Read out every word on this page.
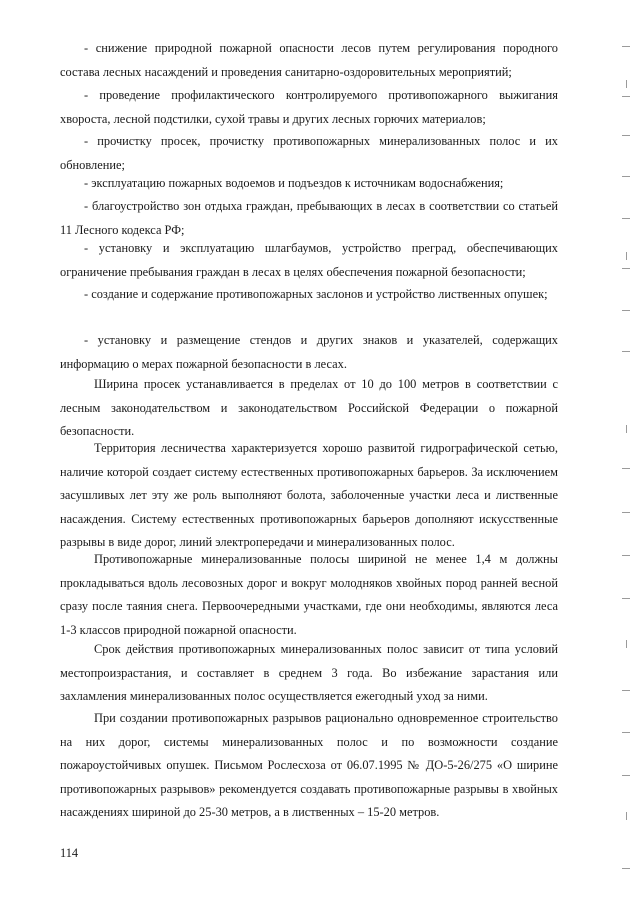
- снижение природной пожарной опасности лесов путем регулирования породного состава лесных насаждений и проведения санитарно-оздоровительных мероприятий;

- проведение профилактического контролируемого противопожарного выжигания хвороста, лесной подстилки, сухой травы и других лесных горючих материалов;

- прочистку просек, прочистку противопожарных минерализованных полос и их обновление;

- эксплуатацию пожарных водоемов и подъездов к источникам водоснабжения;

- благоустройство зон отдыха граждан, пребывающих в лесах в соответствии со статьей 11 Лесного кодекса РФ;

- установку и эксплуатацию шлагбаумов, устройство преград, обеспечивающих ограничение пребывания граждан в лесах в целях обеспечения пожарной безопасности;

- создание и содержание противопожарных заслонов и устройство лиственных опушек;

- установку и размещение стендов и других знаков и указателей, содержащих информацию о мерах пожарной безопасности в лесах.

Ширина просек устанавливается в пределах от 10 до 100 метров в соответствии с лесным законодательством и законодательством Российской Федерации о пожарной безопасности.

Территория лесничества характеризуется хорошо развитой гидрографической сетью, наличие которой создает систему естественных противопожарных барьеров. За исключением засушливых лет эту же роль выполняют болота, заболоченные участки леса и лиственные насаждения. Систему естественных противопожарных барьеров дополняют искусственные разрывы в виде дорог, линий электропередачи и минерализованных полос.

Противопожарные минерализованные полосы шириной не менее 1,4 м должны прокладываться вдоль лесовозных дорог и вокруг молодняков хвойных пород ранней весной сразу после таяния снега. Первоочередными участками, где они необходимы, являются леса 1-3 классов природной пожарной опасности.

Срок действия противопожарных минерализованных полос зависит от типа условий местопроизрастания, и составляет в среднем 3 года. Во избежание зарастания или захламления минерализованных полос осуществляется ежегодный уход за ними.

При создании противопожарных разрывов рационально одновременное строительство на них дорог, системы минерализованных полос и по возможности создание пожароустойчивых опушек. Письмом Рослесхоза от 06.07.1995 № ДО-5-26/275 «О ширине противопожарных разрывов» рекомендуется создавать противопожарные разрывы в хвойных насаждениях шириной до 25-30 метров, а в лиственных – 15-20 метров.

114
